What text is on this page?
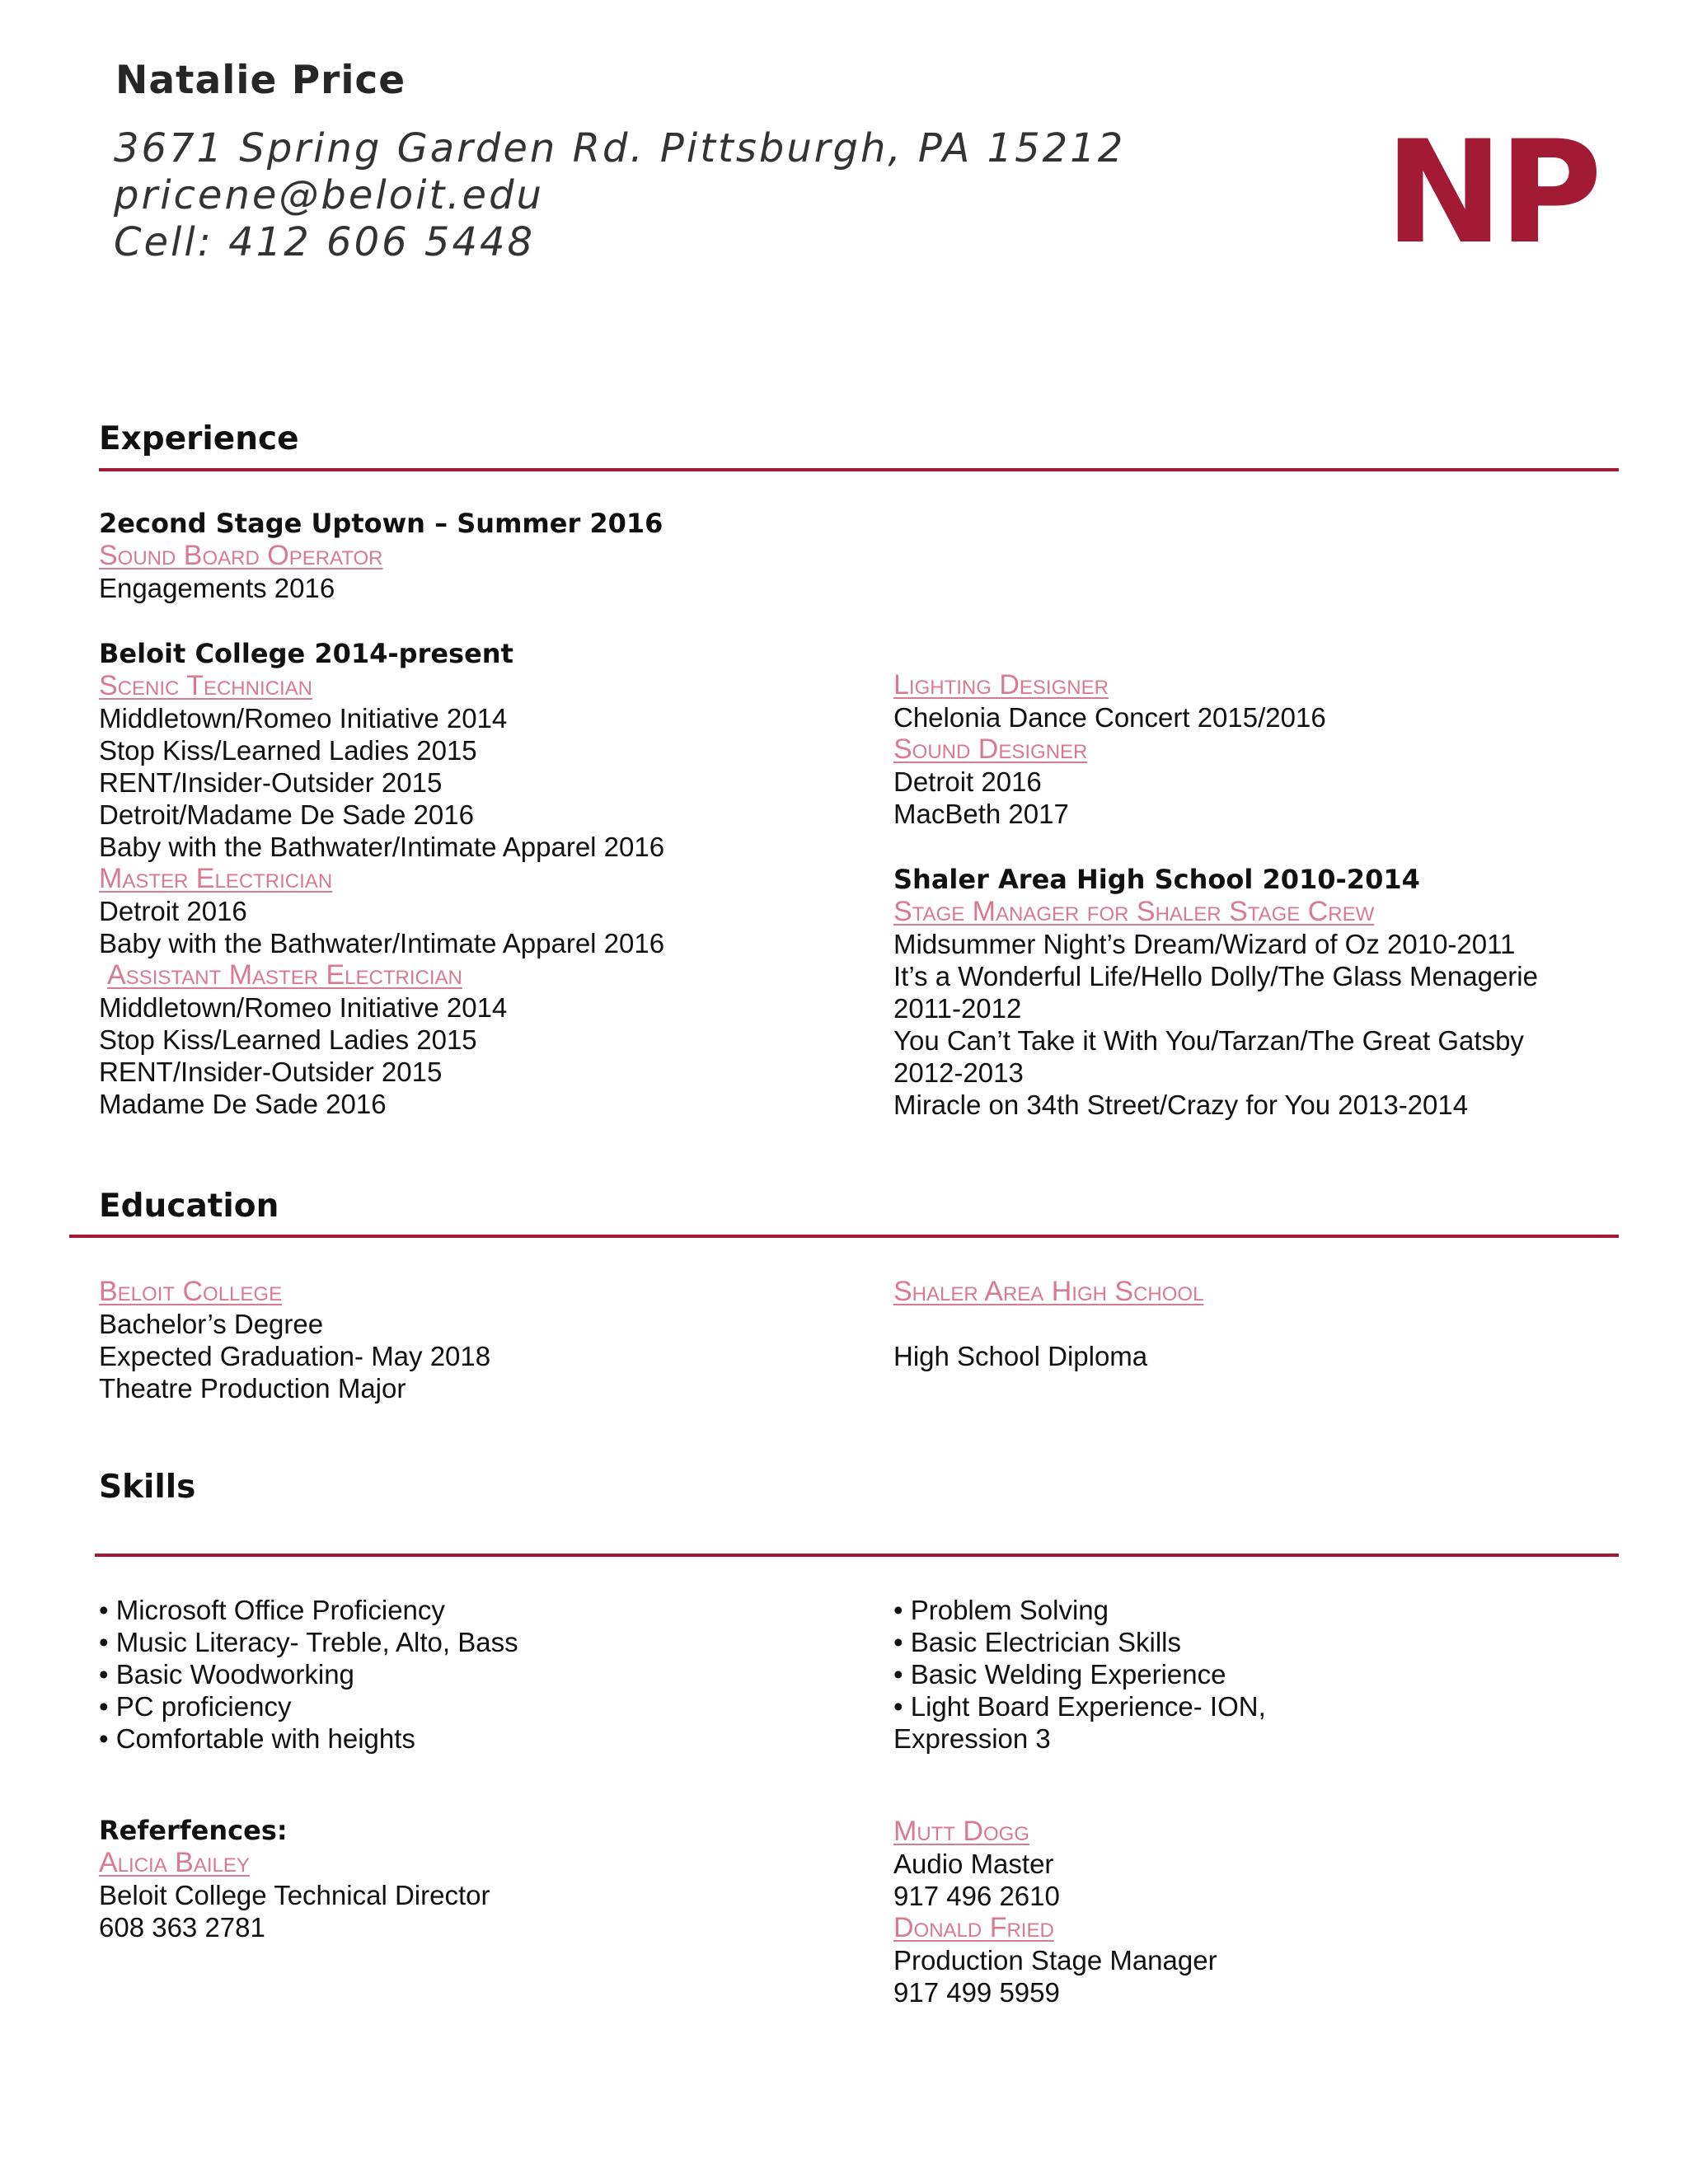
Natalie Price
3671 Spring Garden Rd. Pittsburgh, PA 15212
pricene@beloit.edu
Cell: 412 606 5448	NP
Experience
2econd Stage Uptown – Summer 2016
Sound Board Operator
Engagements 2016
Beloit College 2014-present
Scenic Technician
Middletown/Romeo Initiative 2014
Stop Kiss/Learned Ladies 2015
RENT/Insider-Outsider 2015
Detroit/Madame De Sade 2016
Baby with the Bathwater/Intimate Apparel 2016
Master Electrician
Detroit 2016
Baby with the Bathwater/Intimate Apparel 2016
Assistant Master Electrician
Middletown/Romeo Initiative 2014
Stop Kiss/Learned Ladies 2015
RENT/Insider-Outsider 2015
Madame De Sade 2016
Lighting Designer
Chelonia Dance Concert 2015/2016
Sound Designer
Detroit 2016
MacBeth 2017
Shaler Area High School 2010-2014
Stage Manager for Shaler Stage Crew
Midsummer Night’s Dream/Wizard of Oz 2010-2011
It’s a Wonderful Life/Hello Dolly/The Glass Menagerie
2011-2012
You Can’t Take it With You/Tarzan/The Great Gatsby
2012-2013
Miracle on 34th Street/Crazy for You 2013-2014
Education
Beloit College
Bachelor’s Degree
Expected Graduation- May 2018
Theatre Production Major
Shaler Area High School
High School Diploma
Skills
• Microsoft Office Proficiency
• Music Literacy- Treble, Alto, Bass
• Basic Woodworking
• PC proficiency
• Comfortable with heights
• Problem Solving
• Basic Electrician Skills
• Basic Welding Experience
• Light Board Experience- ION,
Expression 3
Referfences:
Alicia Bailey
Beloit College Technical Director
608 363 2781
Mutt Dogg
Audio Master
917 496 2610
Donald Fried
Production Stage Manager
917 499 5959
